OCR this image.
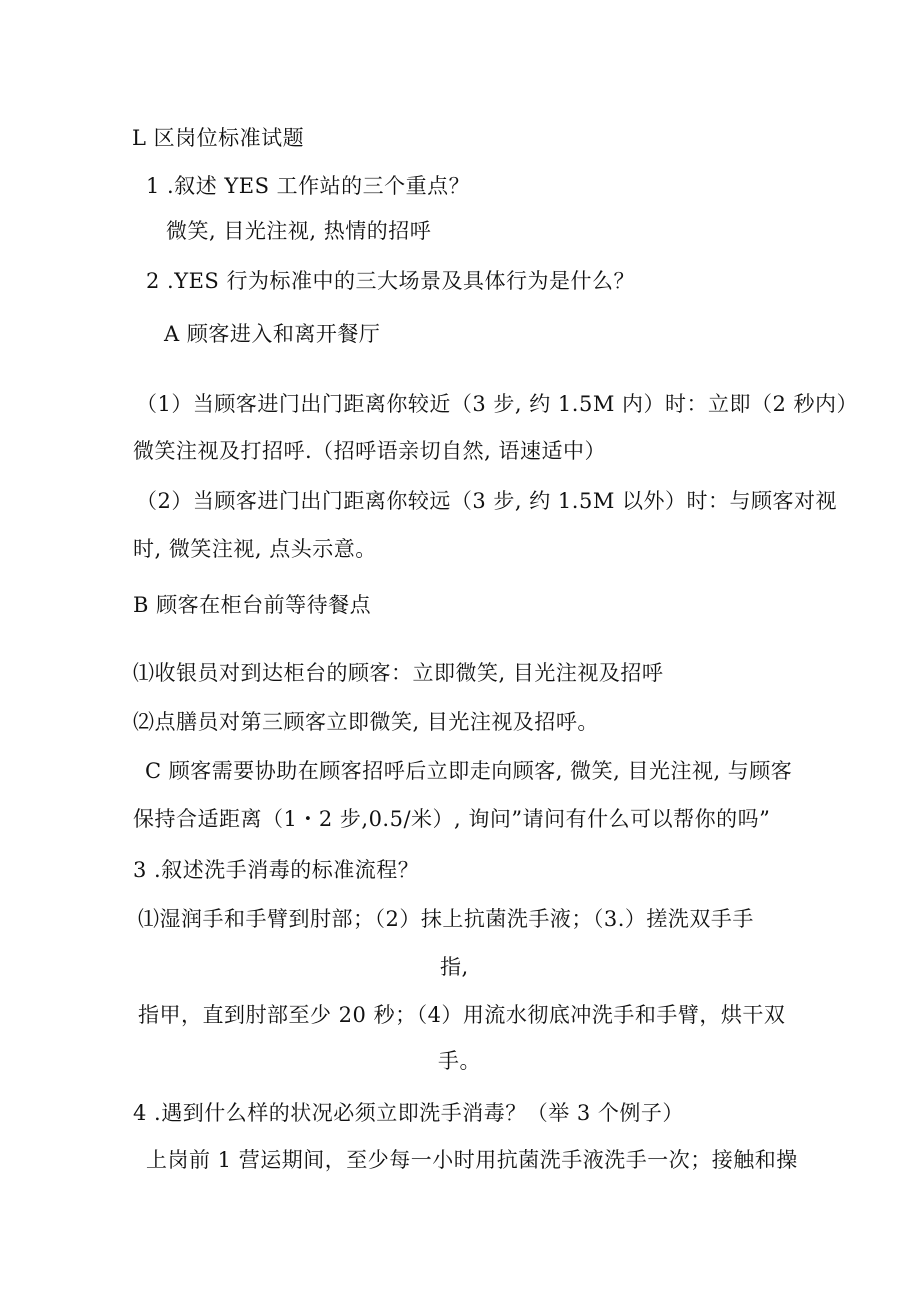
L 区岗位标准试题
1 .叙述 YES 工作站的三个重点？
微笑, 目光注视, 热情的招呼
2 .YES 行为标准中的三大场景及具体行为是什么？
A 顾客进入和离开餐厅
（1）当顾客进门出门距离你较近（3 步, 约 1.5M 内）时：立即（2 秒内）
微笑注视及打招呼.（招呼语亲切自然, 语速适中）
（2）当顾客进门出门距离你较远（3 步, 约 1.5M 以外）时：与顾客对视
时, 微笑注视, 点头示意。
B 顾客在柜台前等待餐点
⑴收银员对到达柜台的顾客：立即微笑, 目光注视及招呼
⑵点膳员对第三顾客立即微笑, 目光注视及招呼。
C 顾客需要协助在顾客招呼后立即走向顾客, 微笑, 目光注视, 与顾客
保持合适距离（1・2 步,0.5/米）, 询问”请问有什么可以帮你的吗”
3 .叙述洗手消毒的标准流程？
⑴湿润手和手臂到肘部；（2）抹上抗菌洗手液；（3.）搓洗双手手
指,
指甲，直到肘部至少 20 秒；（4）用流水彻底冲洗手和手臂，烘干双
手。
4 .遇到什么样的状况必须立即洗手消毒？（举 3 个例子）
上岗前 1 营运期间，至少每一小时用抗菌洗手液洗手一次；接触和操
